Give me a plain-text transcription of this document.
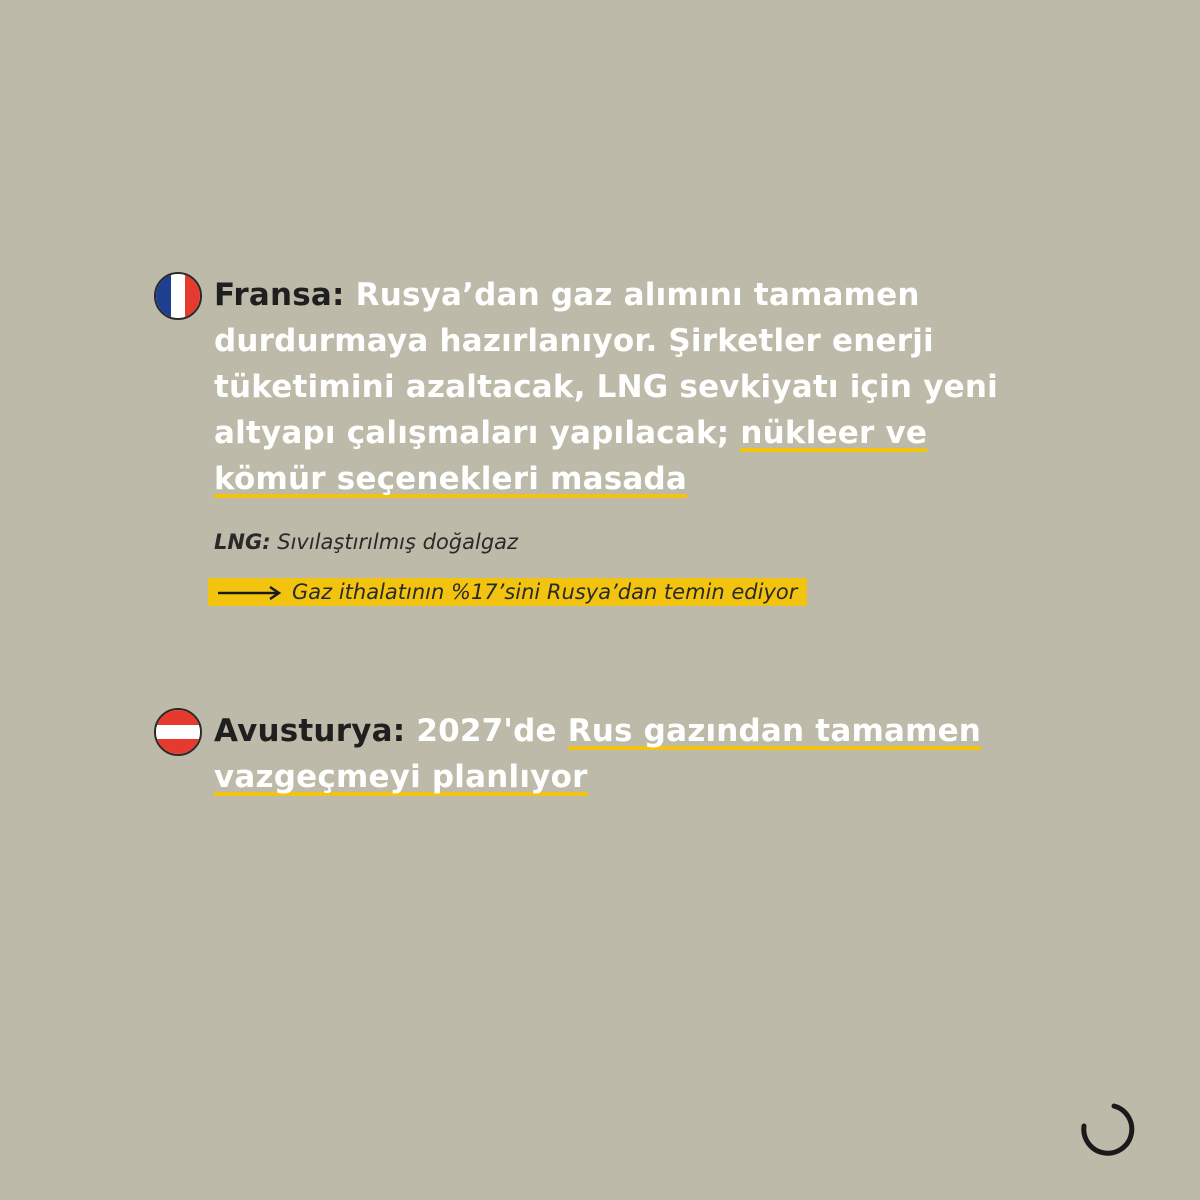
Fransa: Rusya’dan gaz alımını tamamen durdurmaya hazırlanıyor. Şirketler enerji tüketimini azaltacak, LNG sevkiyatı için yeni altyapı çalışmaları yapılacak; nükleer ve kömür seçenekleri masada
LNG: Sıvılaştırılmış doğalgaz
Gaz ithalatının %17’sini Rusya’dan temin ediyor
Avusturya: 2027'de Rus gazından tamamen vazgeçmeyi planlıyor
